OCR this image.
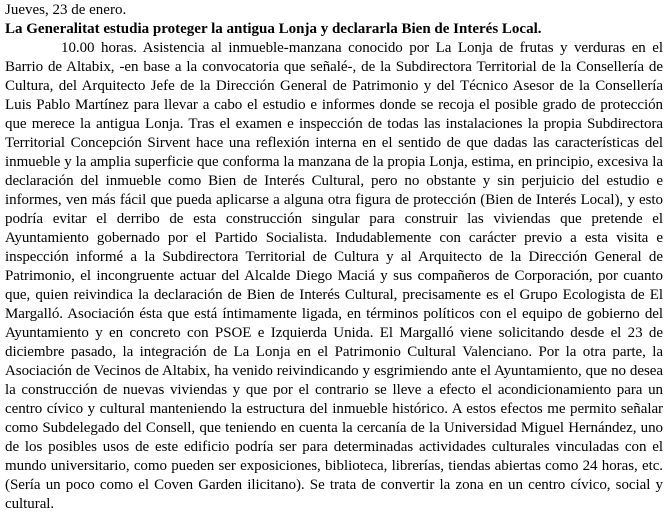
Jueves, 23 de enero.

La Generalitat estudia proteger la antigua Lonja y declararla Bien de Interés Local.

10.00 horas. Asistencia al inmueble-manzana conocido por La Lonja de frutas y verduras en el Barrio de Altabix, -en base a la convocatoria que señalé-, de la Subdirectora Territorial de la Consellería de Cultura, del Arquitecto Jefe de la Dirección General de Patrimonio y del Técnico Asesor de la Consellería Luis Pablo Martínez para llevar a cabo el estudio e informes donde se recoja el posible grado de protección que merece la antigua Lonja. Tras el examen e inspección de todas las instalaciones la propia Subdirectora Territorial Concepción Sirvent hace una reflexión interna en el sentido de que dadas las características del inmueble y la amplia superficie que conforma la manzana de la propia Lonja, estima, en principio, excesiva la declaración del inmueble como Bien de Interés Cultural, pero no obstante y sin perjuicio del estudio e informes, ven más fácil que pueda aplicarse a alguna otra figura de protección (Bien de Interés Local), y esto podría evitar el derribo de esta construcción singular para construir las viviendas que pretende el Ayuntamiento gobernado por el Partido Socialista. Indudablemente con carácter previo a esta visita e inspección informé a la Subdirectora Territorial de Cultura y al Arquitecto de la Dirección General de Patrimonio, el incongruente actuar del Alcalde Diego Maciá y sus compañeros de Corporación, por cuanto que, quien reivindica la declaración de Bien de Interés Cultural, precisamente es el Grupo Ecologista de El Margalló. Asociación ésta que está íntimamente ligada, en términos políticos con el equipo de gobierno del Ayuntamiento y en concreto con PSOE e Izquierda Unida. El Margalló viene solicitando desde el 23 de diciembre pasado, la integración de La Lonja en el Patrimonio Cultural Valenciano. Por la otra parte, la Asociación de Vecinos de Altabix, ha venido reivindicando y esgrimiendo ante el Ayuntamiento, que no desea la construcción de nuevas viviendas y que por el contrario se lleve a efecto el acondicionamiento para un centro cívico y cultural manteniendo la estructura del inmueble histórico. A estos efectos me permito señalar como Subdelegado del Consell, que teniendo en cuenta la cercanía de la Universidad Miguel Hernández, uno de los posibles usos de este edificio podría ser para determinadas actividades culturales vinculadas con el mundo universitario, como pueden ser exposiciones, biblioteca, librerías, tiendas abiertas como 24 horas, etc. (Sería un poco como el Coven Garden ilicitano). Se trata de convertir la zona en un centro cívico, social y cultural.
